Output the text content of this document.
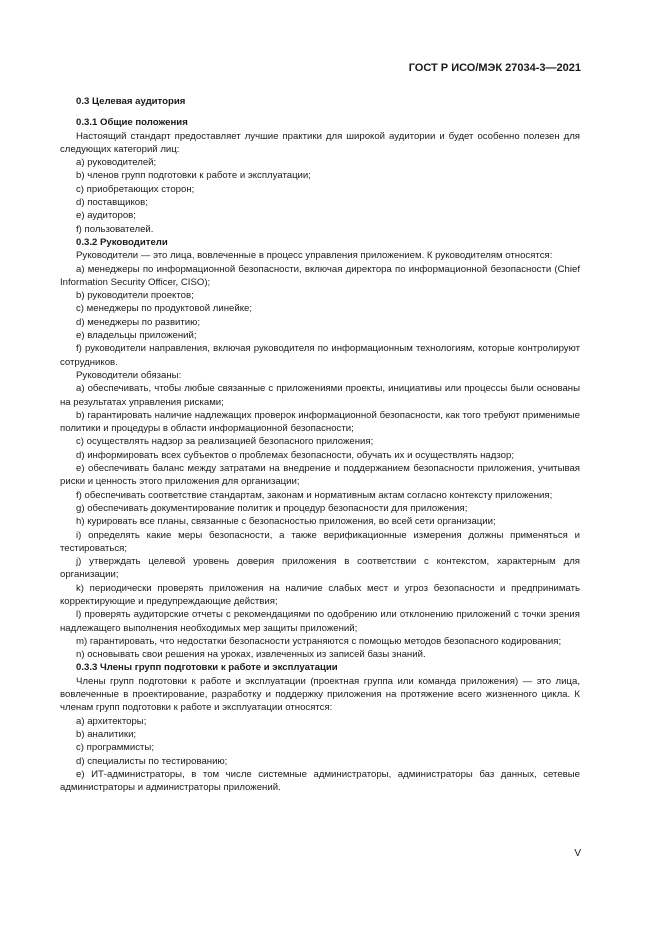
ГОСТ Р ИСО/МЭК 27034-3—2021

0.3 Целевая аудитория

0.3.1 Общие положения

Настоящий стандарт предоставляет лучшие практики для широкой аудитории и будет особенно полезен для следующих категорий лиц:

a) руководителей;

b) членов групп подготовки к работе и эксплуатации;

c) приобретающих сторон;

d) поставщиков;

e) аудиторов;

f) пользователей.

0.3.2 Руководители

Руководители — это лица, вовлеченные в процесс управления приложением. К руководителям относятся:

a) менеджеры по информационной безопасности, включая директора по информационной безопасности (Chief Information Security Officer, CISO);

b) руководители проектов;

c) менеджеры по продуктовой линейке;

d) менеджеры по развитию;

e) владельцы приложений;

f) руководители направления, включая руководителя по информационным технологиям, которые контролируют сотрудников.

Руководители обязаны:

a) обеспечивать, чтобы любые связанные с приложениями проекты, инициативы или процессы были основаны на результатах управления рисками;

b) гарантировать наличие надлежащих проверок информационной безопасности, как того требуют применимые политики и процедуры в области информационной безопасности;

c) осуществлять надзор за реализацией безопасного приложения;

d) информировать всех субъектов о проблемах безопасности, обучать их и осуществлять надзор;

e) обеспечивать баланс между затратами на внедрение и поддержанием безопасности приложения, учитывая риски и ценность этого приложения для организации;

f) обеспечивать соответствие стандартам, законам и нормативным актам согласно контексту приложения;

g) обеспечивать документирование политик и процедур безопасности для приложения;

h) курировать все планы, связанные с безопасностью приложения, во всей сети организации;

i) определять какие меры безопасности, а также верификационные измерения должны применяться и тестироваться;

j) утверждать целевой уровень доверия приложения в соответствии с контекстом, характерным для организации;

k) периодически проверять приложения на наличие слабых мест и угроз безопасности и предпринимать корректирующие и предупреждающие действия;

l) проверять аудиторские отчеты с рекомендациями по одобрению или отклонению приложений с точки зрения надлежащего выполнения необходимых мер защиты приложений;

m) гарантировать, что недостатки безопасности устраняются с помощью методов безопасного кодирования;

n) основывать свои решения на уроках, извлеченных из записей базы знаний.

0.3.3 Члены групп подготовки к работе и эксплуатации

Члены групп подготовки к работе и эксплуатации (проектная группа или команда приложения) — это лица, вовлеченные в проектирование, разработку и поддержку приложения на протяжение всего жизненного цикла. К членам групп подготовки к работе и эксплуатации относятся:

a) архитекторы;

b) аналитики;

c) программисты;

d) специалисты по тестированию;

e) ИТ-администраторы, в том числе системные администраторы, администраторы баз данных, сетевые администраторы и администраторы приложений.

V
